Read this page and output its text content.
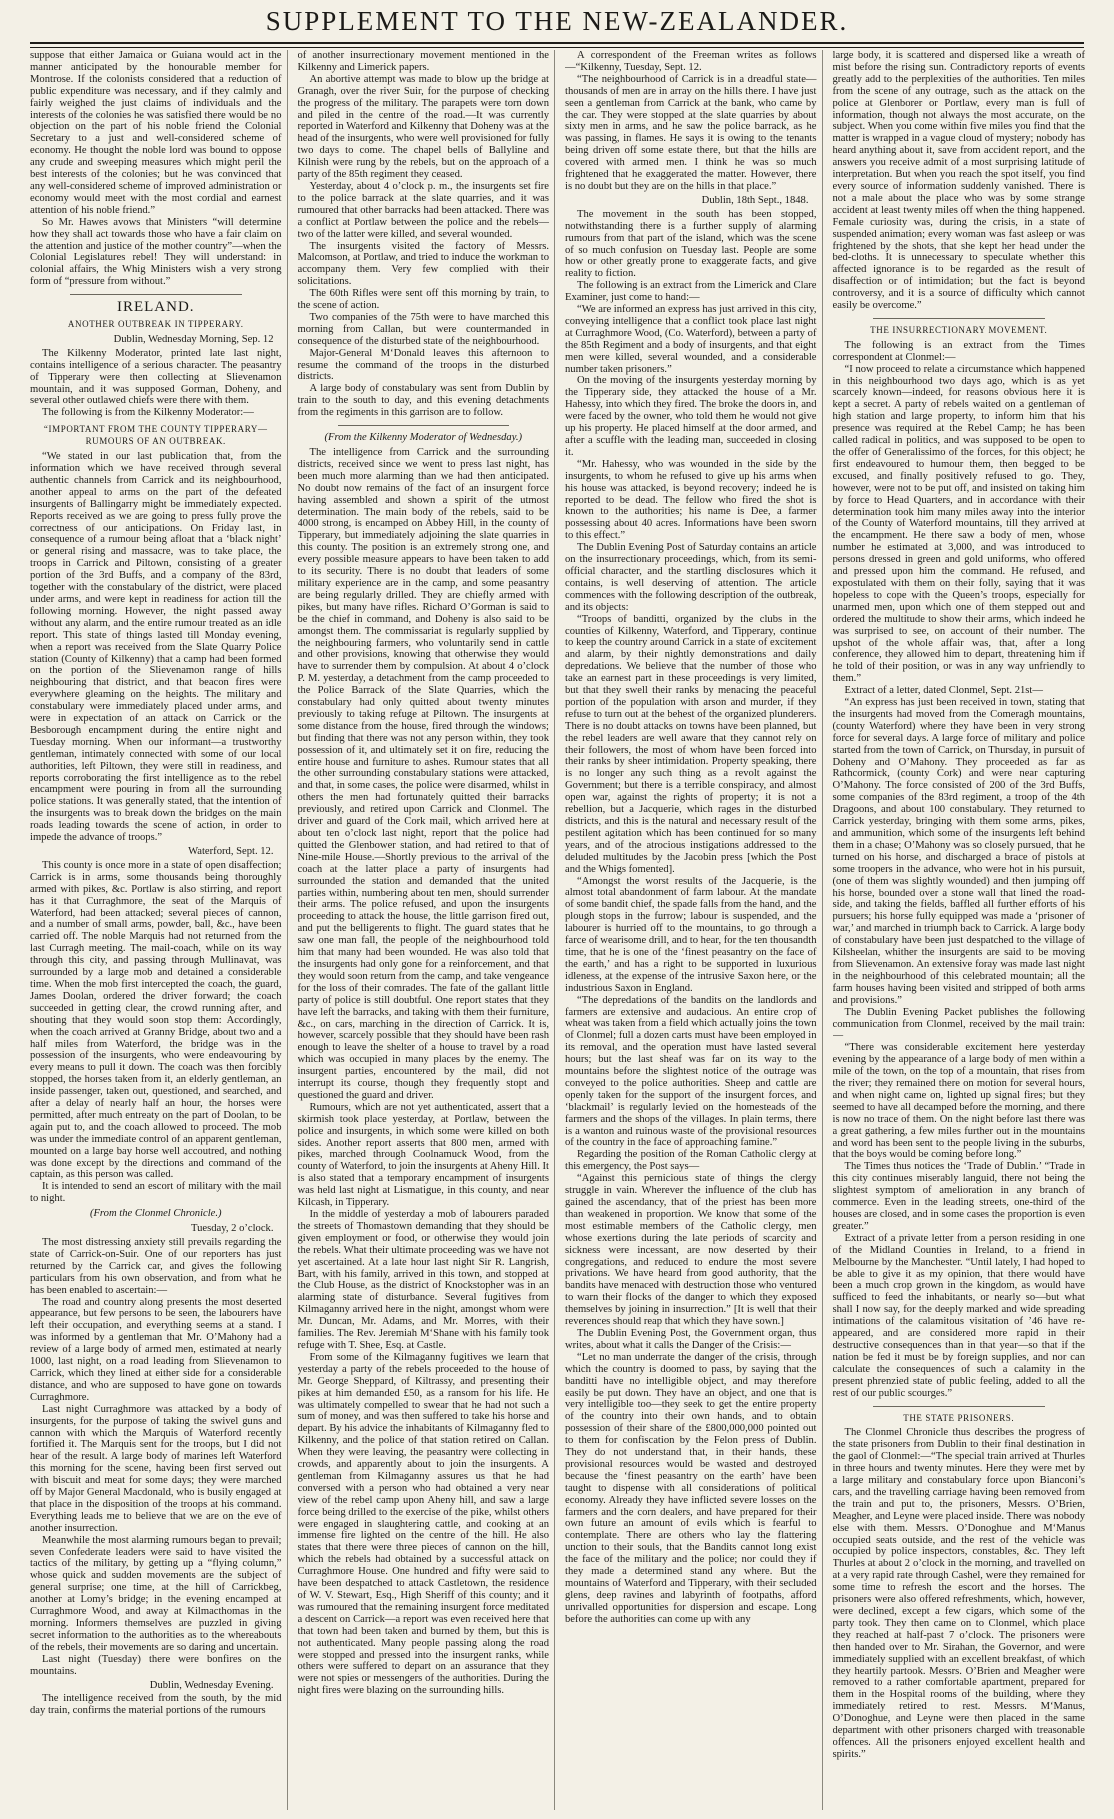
SUPPLEMENT TO THE NEW-ZEALANDER.

suppose that either Jamaica or Guiana would act in the manner anticipated by the honourable member for Montrose. If the colonists considered that a reduction of public expenditure was necessary, and if they calmly and fairly weighed the just claims of individuals and the interests of the colonies he was satisfied there would be no objection on the part of his noble friend the Colonial Secretary to a just and well-considered scheme of economy. He thought the noble lord was bound to oppose any crude and sweeping measures which might peril the best interests of the colonies; but he was convinced that any well-considered scheme of improved administration or economy would meet with the most cordial and earnest attention of his noble friend.”

So Mr. Hawes avows that Ministers “will determine how they shall act towards those who have a fair claim on the attention and justice of the mother country”—when the Colonial Legislatures rebel! They will understand: in colonial affairs, the Whig Ministers wish a very strong form of “pressure from without.”

IRELAND.
ANOTHER OUTBREAK IN TIPPERARY.
Dublin, Wednesday Morning, Sep. 12

The Kilkenny Moderator, printed late last night, contains intelligence of a serious character. The peasantry of Tipperary were then collecting at Slievenamon mountain, and it was supposed Gorman, Doheny, and several other outlawed chiefs were there with them.

The following is from the Kilkenny Moderator:—

“IMPORTANT FROM THE COUNTY TIPPERARY—RUMOURS OF AN OUTBREAK.

“We stated in our last publication that, from the information which we have received through several authentic channels from Carrick and its neighbourhood, another appeal to arms on the part of the defeated insurgents of Ballingarry might be immediately expected. Reports received as we are going to press fully prove the correctness of our anticipations. On Friday last, in consequence of a rumour being afloat that a ‘black night’ or general rising and massacre, was to take place, the troops in Carrick and Piltown, consisting of a greater portion of the 3rd Buffs, and a company of the 83rd, together with the constabulary of the district, were placed under arms, and were kept in readiness for action till the following morning. However, the night passed away without any alarm, and the entire rumour treated as an idle report. This state of things lasted till Monday evening, when a report was received from the Slate Quarry Police station (County of Kilkenny) that a camp had been formed on the portion of the Slievenamon range of hills neighbouring that district, and that beacon fires were everywhere gleaming on the heights. The military and constabulary were immediately placed under arms, and were in expectation of an attack on Carrick or the Besborough encampment during the entire night and Tuesday morning. When our informant—a trustworthy gentleman, intimately connected with some of our local authorities, left Piltown, they were still in readiness, and reports corroborating the first intelligence as to the rebel encampment were pouring in from all the surrounding police stations. It was generally stated, that the intention of the insurgents was to break down the bridges on the main roads leading towards the scene of action, in order to impede the advance of troops.”

Waterford, Sept. 12.

This county is once more in a state of open disaffection; Carrick is in arms, some thousands being thoroughly armed with pikes, &c. Portlaw is also stirring, and report has it that Curraghmore, the seat of the Marquis of Waterford, had been attacked; several pieces of cannon, and a number of small arms, powder, ball, &c., have been carried off. The noble Marquis had not returned from the last Curragh meeting. The mail-coach, while on its way through this city, and passing through Mullinavat, was surrounded by a large mob and detained a considerable time. When the mob first intercepted the coach, the guard, James Doolan, ordered the driver forward; the coach succeeded in getting clear, the crowd running after, and shouting that they would soon stop them: Accordingly, when the coach arrived at Granny Bridge, about two and a half miles from Waterford, the bridge was in the possession of the insurgents, who were endeavouring by every means to pull it down. The coach was then forcibly stopped, the horses taken from it, an elderly gentleman, an inside passenger, taken out, questioned, and searched, and after a delay of nearly half an hour, the horses were permitted, after much entreaty on the part of Doolan, to be again put to, and the coach allowed to proceed. The mob was under the immediate control of an apparent gentleman, mounted on a large bay horse well accoutred, and nothing was done except by the directions and command of the captain, as this person was called.

It is intended to send an escort of military with the mail to night.

(From the Clonmel Chronicle.)
Tuesday, 2 o’clock.

The most distressing anxiety still prevails regarding the state of Carrick-on-Suir. One of our reporters has just returned by the Carrick car, and gives the following particulars from his own observation, and from what he has been enabled to ascertain:—

The road and country along presents the most deserted appearance, but few persons to be seen, the labourers have left their occupation, and everything seems at a stand. I was informed by a gentleman that Mr. O’Mahony had a review of a large body of armed men, estimated at nearly 1000, last night, on a road leading from Slievenamon to Carrick, which they lined at either side for a considerable distance, and who are supposed to have gone on towards Curraghmore.

Last night Curraghmore was attacked by a body of insurgents, for the purpose of taking the swivel guns and cannon with which the Marquis of Waterford recently fortified it. The Marquis sent for the troops, but I did not hear of the result. A large body of marines left Waterford this morning for the scene, having been first served out with biscuit and meat for some days; they were marched off by Major General Macdonald, who is busily engaged at that place in the disposition of the troops at his command. Everything leads me to believe that we are on the eve of another insurrection.

Meanwhile the most alarming rumours began to prevail; seven Confederate leaders were said to have visited the tactics of the military, by getting up a “flying column,” whose quick and sudden movements are the subject of general surprise; one time, at the hill of Carrickbeg, another at Lomy’s bridge; in the evening encamped at Curraghmore Wood, and away at Kilmacthomas in the morning. Informers themselves are puzzled in giving secret information to the authorities as to the whereabouts of the rebels, their movements are so daring and uncertain.

Last night (Tuesday) there were bonfires on the mountains.

Dublin, Wednesday Evening.

The intelligence received from the south, by the mid day train, confirms the material portions of the rumours

of another insurrectionary movement mentioned in the Kilkenny and Limerick papers.

An abortive attempt was made to blow up the bridge at Granagh, over the river Suir, for the purpose of checking the progress of the military. The parapets were torn down and piled in the centre of the road.—It was currently reported in Waterford and Kilkenny that Doheny was at the head of the insurgents, who were well provisioned for fully two days to come. The chapel bells of Ballyline and Kilnish were rung by the rebels, but on the approach of a party of the 85th regiment they ceased.

Yesterday, about 4 o’clock p. m., the insurgents set fire to the police barrack at the slate quarries, and it was rumoured that other barracks had been attacked. There was a conflict at Portlaw between the police and the rebels—two of the latter were killed, and several wounded.

The insurgents visited the factory of Messrs. Malcomson, at Portlaw, and tried to induce the workman to accompany them. Very few complied with their solicitations.

The 60th Rifles were sent off this morning by train, to the scene of action.

Two companies of the 75th were to have marched this morning from Callan, but were countermanded in consequence of the disturbed state of the neighbourhood.

Major-General M‘Donald leaves this afternoon to resume the command of the troops in the disturbed districts.

A large body of constabulary was sent from Dublin by train to the south to day, and this evening detachments from the regiments in this garrison are to follow.

(From the Kilkenny Moderator of Wednesday.)

The intelligence from Carrick and the surrounding districts, received since we went to press last night, has been much more alarming than we had then anticipated. No doubt now remains of the fact of an insurgent force having assembled and shown a spirit of the utmost determination. The main body of the rebels, said to be 4000 strong, is encamped on Abbey Hill, in the county of Tipperary, but immediately adjoining the slate quarries in this county. The position is an extremely strong one, and every possible measure appears to have been taken to add to its security. There is no doubt that leaders of some military experience are in the camp, and some peasantry are being regularly drilled. They are chiefly armed with pikes, but many have rifles. Richard O’Gorman is said to be the chief in command, and Doheny is also said to be amongst them. The commissariat is regularly supplied by the neighbouring farmers, who voluntarily send in cattle and other provisions, knowing that otherwise they would have to surrender them by compulsion. At about 4 o’clock P. M. yesterday, a detachment from the camp proceeded to the Police Barrack of the Slate Quarries, which the constabulary had only quitted about twenty minutes previously to taking refuge at Piltown. The insurgents at some distance from the house, fired through the windows; but finding that there was not any person within, they took possession of it, and ultimately set it on fire, reducing the entire house and furniture to ashes. Rumour states that all the other surrounding constabulary stations were attacked, and that, in some cases, the police were disarmed, whilst in others the men had fortunately quitted their barracks previously, and retired upon Carrick and Clonmel. The driver and guard of the Cork mail, which arrived here at about ten o’clock last night, report that the police had quitted the Glenbower station, and had retired to that of Nine-mile House.—Shortly previous to the arrival of the coach at the latter place a party of insurgents had surrounded the station and demanded that the united parties within, numbering about ten men, should surrender their arms. The police refused, and upon the insurgents proceeding to attack the house, the little garrison fired out, and put the belligerents to flight. The guard states that he saw one man fall, the people of the neighbourhood told him that many had been wounded. He was also told that the insurgents had only gone for a reinforcement, and that they would soon return from the camp, and take vengeance for the loss of their comrades. The fate of the gallant little party of police is still doubtful. One report states that they have left the barracks, and taking with them their furniture, &c., on cars, marching in the direction of Carrick. It is, however, scarcely possible that they should have been rash enough to leave the shelter of a house to travel by a road which was occupied in many places by the enemy. The insurgent parties, encountered by the mail, did not interrupt its course, though they frequently stopt and questioned the guard and driver.

Rumours, which are not yet authenticated, assert that a skirmish took place yesterday, at Portlaw, between the police and insurgents, in which some were killed on both sides. Another report asserts that 800 men, armed with pikes, marched through Coolnamuck Wood, from the county of Waterford, to join the insurgents at Aheny Hill. It is also stated that a temporary encampment of insurgents was held last night at Lismatigue, in this county, and near Kilcash, in Tipperary.

In the middle of yesterday a mob of labourers paraded the streets of Thomastown demanding that they should be given employment or food, or otherwise they would join the rebels. What their ultimate proceeding was we have not yet ascertained. At a late hour last night Sir R. Langrish, Bart, with his family, arrived in this town, and stopped at the Club House, as the district of Knockstopher was in an alarming state of disturbance. Several fugitives from Kilmaganny arrived here in the night, amongst whom were Mr. Duncan, Mr. Adams, and Mr. Morres, with their families. The Rev. Jeremiah M‘Shane with his family took refuge with T. Shee, Esq. at Castle.

From some of the Kilmaganny fugitives we learn that yesterday a party of the rebels proceeded to the house of Mr. George Sheppard, of Kiltrassy, and presenting their pikes at him demanded £50, as a ransom for his life. He was ultimately compelled to swear that he had not such a sum of money, and was then suffered to take his horse and depart. By his advice the inhabitants of Kilmaganny fled to Kilkenny, and the police of that station retired on Callan. When they were leaving, the peasantry were collecting in crowds, and apparently about to join the insurgents. A gentleman from Kilmaganny assures us that he had conversed with a person who had obtained a very near view of the rebel camp upon Aheny hill, and saw a large force being drilled to the exercise of the pike, whilst others were engaged in slaughtering cattle, and cooking at an immense fire lighted on the centre of the hill. He also states that there were three pieces of cannon on the hill, which the rebels had obtained by a successful attack on Curraghmore House. One hundred and fifty were said to have been despatched to attack Castletown, the residence of W. V. Stewart, Esq., High Sheriff of this county; and it was rumoured that the remaining insurgent force meditated a descent on Carrick—a report was even received here that that town had been taken and burned by them, but this is not authenticated. Many people passing along the road were stopped and pressed into the insurgent ranks, while others were suffered to depart on an assurance that they were not spies or messengers of the authorities. During the night fires were blazing on the surrounding hills.

A correspondent of the Freeman writes as follows—“Kilkenny, Tuesday, Sept. 12.

“The neighbourhood of Carrick is in a dreadful state—thousands of men are in array on the hills there. I have just seen a gentleman from Carrick at the bank, who came by the car. They were stopped at the slate quarries by about sixty men in arms, and he saw the police barrack, as he was passing, in flames. He says it is owing to the tenants being driven off some estate there, but that the hills are covered with armed men. I think he was so much frightened that he exaggerated the matter. However, there is no doubt but they are on the hills in that place.”

Dublin, 18th Sept., 1848.

The movement in the south has been stopped, notwithstanding there is a further supply of alarming rumours from that part of the island, which was the scene of so much confusion on Tuesday last. People are some how or other greatly prone to exaggerate facts, and give reality to fiction.

The following is an extract from the Limerick and Clare Examiner, just come to hand:—

“We are informed an express has just arrived in this city, conveying intelligence that a conflict took place last night at Curraghmore Wood, (Co. Waterford), between a party of the 85th Regiment and a body of insurgents, and that eight men were killed, several wounded, and a considerable number taken prisoners.”

On the moving of the insurgents yesterday morning by the Tipperary side, they attacked the house of a Mr. Hahessy, into which they fired. The broke the doors in, and were faced by the owner, who told them he would not give up his property. He placed himself at the door armed, and after a scuffle with the leading man, succeeded in closing it.

“Mr. Hahessy, who was wounded in the side by the insurgents, to whom he refused to give up his arms when his house was attacked, is beyond recovery; indeed he is reported to be dead. The fellow who fired the shot is known to the authorities; his name is Dee, a farmer possessing about 40 acres. Informations have been sworn to this effect.”

The Dublin Evening Post of Saturday contains an article on the insurrectionary proceedings, which, from its semi-official character, and the startling disclosures which it contains, is well deserving of attention. The article commences with the following description of the outbreak, and its objects:

“Troops of banditti, organized by the clubs in the counties of Kilkenny, Waterford, and Tipperary, continue to keep the country around Carrick in a state of excitement and alarm, by their nightly demonstrations and daily depredations. We believe that the number of those who take an earnest part in these proceedings is very limited, but that they swell their ranks by menacing the peaceful portion of the population with arson and murder, if they refuse to turn out at the behest of the organized plunderers. There is no doubt attacks on towns have been planned, but the rebel leaders are well aware that they cannot rely on their followers, the most of whom have been forced into their ranks by sheer intimidation. Property speaking, there is no longer any such thing as a revolt against the Government; but there is a terrible conspiracy, and almost open war, against the rights of property; it is not a rebellion, but a Jacquerie, which rages in the disturbed districts, and this is the natural and necessary result of the pestilent agitation which has been continued for so many years, and of the atrocious instigations addressed to the deluded multitudes by the Jacobin press [which the Post and the Whigs fomented].

“Amongst the worst results of the Jacquerie, is the almost total abandonment of farm labour. At the mandate of some bandit chief, the spade falls from the hand, and the plough stops in the furrow; labour is suspended, and the labourer is hurried off to the mountains, to go through a farce of wearisome drill, and to hear, for the ten thousandth time, that he is one of the ‘finest peasantry on the face of the earth,’ and has a right to be supported in luxurious idleness, at the expense of the intrusive Saxon here, or the industrious Saxon in England.

“The depredations of the bandits on the landlords and farmers are extensive and audacious. An entire crop of wheat was taken from a field which actually joins the town of Clonmel; full a dozen carts must have been employed in its removal, and the operation must have lasted several hours; but the last sheaf was far on its way to the mountains before the slightest notice of the outrage was conveyed to the police authorities. Sheep and cattle are openly taken for the support of the insurgent forces, and ‘blackmail’ is regularly levied on the homesteads of the farmers and the shops of the villages. In plain terms, there is a wanton and ruinous waste of the provisional resources of the country in the face of approaching famine.”

Regarding the position of the Roman Catholic clergy at this emergency, the Post says—

“Against this pernicious state of things the clergy struggle in vain. Wherever the influence of the club has gained the ascendancy, that of the priest has been more than weakened in proportion. We know that some of the most estimable members of the Catholic clergy, men whose exertions during the late periods of scarcity and sickness were incessant, are now deserted by their congregations, and reduced to endure the most severe privations. We have heard from good authority, that the bandits have menaced with destruction those who ventured to warn their flocks of the danger to which they exposed themselves by joining in insurrection.” [It is well that their reverences should reap that which they have sown.]

The Dublin Evening Post, the Government organ, thus writes, about what it calls the Danger of the Crisis:—

“Let no man underrate the danger of the crisis, through which the country is doomed to pass, by saying that the banditti have no intelligible object, and may therefore easily be put down. They have an object, and one that is very intelligible too—they seek to get the entire property of the country into their own hands, and to obtain possession of their share of the £800,000,000 pointed out to them for confiscation by the Felon press of Dublin. They do not understand that, in their hands, these provisional resources would be wasted and destroyed because the ‘finest peasantry on the earth’ have been taught to dispense with all considerations of political economy. Already they have inflicted severe losses on the farmers and the corn dealers, and have prepared for their own future an amount of evils which is fearful to contemplate. There are others who lay the flattering unction to their souls, that the Bandits cannot long exist the face of the military and the police; nor could they if they made a determined stand any where. But the mountains of Waterford and Tipperary, with their secluded glens, deep ravines and labyrinth of footpaths, afford unrivalled opportunities for dispersion and escape. Long before the authorities can come up with any

large body, it is scattered and dispersed like a wreath of mist before the rising sun. Contradictory reports of events greatly add to the perplexities of the authorities. Ten miles from the scene of any outrage, such as the attack on the police at Glenborer or Portlaw, every man is full of information, though not always the most accurate, on the subject. When you come within five miles you find that the matter is wrapped in a vague cloud of mystery; nobody has heard anything about it, save from accident report, and the answers you receive admit of a most surprising latitude of interpretation. But when you reach the spot itself, you find every source of information suddenly vanished. There is not a male about the place who was by some strange accident at least twenty miles off when the thing happened. Female curiosity was, during the crisis, in a state of suspended animation; every woman was fast asleep or was frightened by the shots, that she kept her head under the bed-cloths. It is unnecessary to speculate whether this affected ignorance is to be regarded as the result of disaffection or of intimidation; but the fact is beyond controversy, and it is a source of difficulty which cannot easily be overcome.”

THE INSURRECTIONARY MOVEMENT.

The following is an extract from the Times correspondent at Clonmel:—

“I now proceed to relate a circumstance which happened in this neighbourhood two days ago, which is as yet scarcely known—indeed, for reasons obvious here it is kept a secret. A party of rebels waited on a gentleman of high station and large property, to inform him that his presence was required at the Rebel Camp; he has been called radical in politics, and was supposed to be open to the offer of Generalissimo of the forces, for this object; he first endeavoured to humour them, then begged to be excused, and finally positively refused to go. They, however, were not to be put off, and insisted on taking him by force to Head Quarters, and in accordance with their determination took him many miles away into the interior of the County of Waterford mountains, till they arrived at the encampment. He there saw a body of men, whose number he estimated at 3,000, and was introduced to persons dressed in green and gold uniforms, who offered and pressed upon him the command. He refused, and expostulated with them on their folly, saying that it was hopeless to cope with the Queen’s troops, especially for unarmed men, upon which one of them stepped out and ordered the multitude to show their arms, which indeed he was surprised to see, on account of their number. The upshot of the whole affair was, that, after a long conference, they allowed him to depart, threatening him if he told of their position, or was in any way unfriendly to them.”

Extract of a letter, dated Clonmel, Sept. 21st—

“An express has just been received in town, stating that the insurgents had moved from the Comeragh mountains, (county Waterford) where they have been in very strong force for several days. A large force of military and police started from the town of Carrick, on Thursday, in pursuit of Doheny and O’Mahony. They proceeded as far as Rathcormick, (county Cork) and were near capturing O’Mahony. The force consisted of 200 of the 3rd Buffs, some companies of the 83rd regiment, a troop of the 4th Dragoons, and about 100 constabulary. They returned to Carrick yesterday, bringing with them some arms, pikes, and ammunition, which some of the insurgents left behind them in a chase; O’Mahony was so closely pursued, that he turned on his horse, and discharged a brace of pistols at some troopers in the advance, who were hot in his pursuit, (one of them was slightly wounded) and then jumping off his horse, bounded over a stone wall that lined the road-side, and taking the fields, baffled all further efforts of his pursuers; his horse fully equipped was made a ‘prisoner of war,’ and marched in triumph back to Carrick. A large body of constabulary have been just despatched to the village of Kilsheelan, whither the insurgents are said to be moving from Slievenamon. An extensive foray was made last night in the neighbourhood of this celebrated mountain; all the farm houses having been visited and stripped of both arms and provisions.”

The Dublin Evening Packet publishes the following communication from Clonmel, received by the mail train:—

“There was considerable excitement here yesterday evening by the appearance of a large body of men within a mile of the town, on the top of a mountain, that rises from the river; they remained there on motion for several hours, and when night came on, lighted up signal fires; but they seemed to have all decamped before the morning, and there is now no trace of them. On the night before last there was a great gathering, a few miles further out in the mountains and word has been sent to the people living in the suburbs, that the boys would be coming before long.”

The Times thus notices the ‘Trade of Dublin.’ “Trade in this city continues miserably languid, there not being the slightest symptom of amelioration in any branch of commerce. Even in the leading streets, one-third of the houses are closed, and in some cases the proportion is even greater.”

Extract of a private letter from a person residing in one of the Midland Counties in Ireland, to a friend in Melbourne by the Manchester. “Until lately, I had hoped to be able to give it as my opinion, that there would have been a much crop grown in the kingdom, as would have sufficed to feed the inhabitants, or nearly so—but what shall I now say, for the deeply marked and wide spreading intimations of the calamitous visitation of ’46 have re-appeared, and are considered more rapid in their destructive consequences than in that year—so that if the nation be fed it must be by foreign supplies, and nor can calculate the consequences of such a calamity in the present phrenzied state of public feeling, added to all the rest of our public scourges.”

THE STATE PRISONERS.

The Clonmel Chronicle thus describes the progress of the state prisoners from Dublin to their final destination in the gaol of Clonmel:—“The special train arrived at Thurles in three hours and twenty minutes. Here they were met by a large military and constabulary force upon Bianconi’s cars, and the travelling carriage having been removed from the train and put to, the prisoners, Messrs. O’Brien, Meagher, and Leyne were placed inside. There was nobody else with them. Messrs. O’Donoghue and M‘Manus occupied seats outside, and the rest of the vehicle was occupied by police inspectors, constables, &c. They left Thurles at about 2 o’clock in the morning, and travelled on at a very rapid rate through Cashel, were they remained for some time to refresh the escort and the horses. The prisoners were also offered refreshments, which, however, were declined, except a few cigars, which some of the party took. They then came on to Clonmel, which place they reached at half-past 7 o’clock. The prisoners were then handed over to Mr. Sirahan, the Governor, and were immediately supplied with an excellent breakfast, of which they heartily partook. Messrs. O’Brien and Meagher were removed to a rather comfortable apartment, prepared for them in the Hospital rooms of the building, where they immediately retired to rest. Messrs. M‘Manus, O’Donoghue, and Leyne were then placed in the same department with other prisoners charged with treasonable offences. All the prisoners enjoyed excellent health and spirits.”
